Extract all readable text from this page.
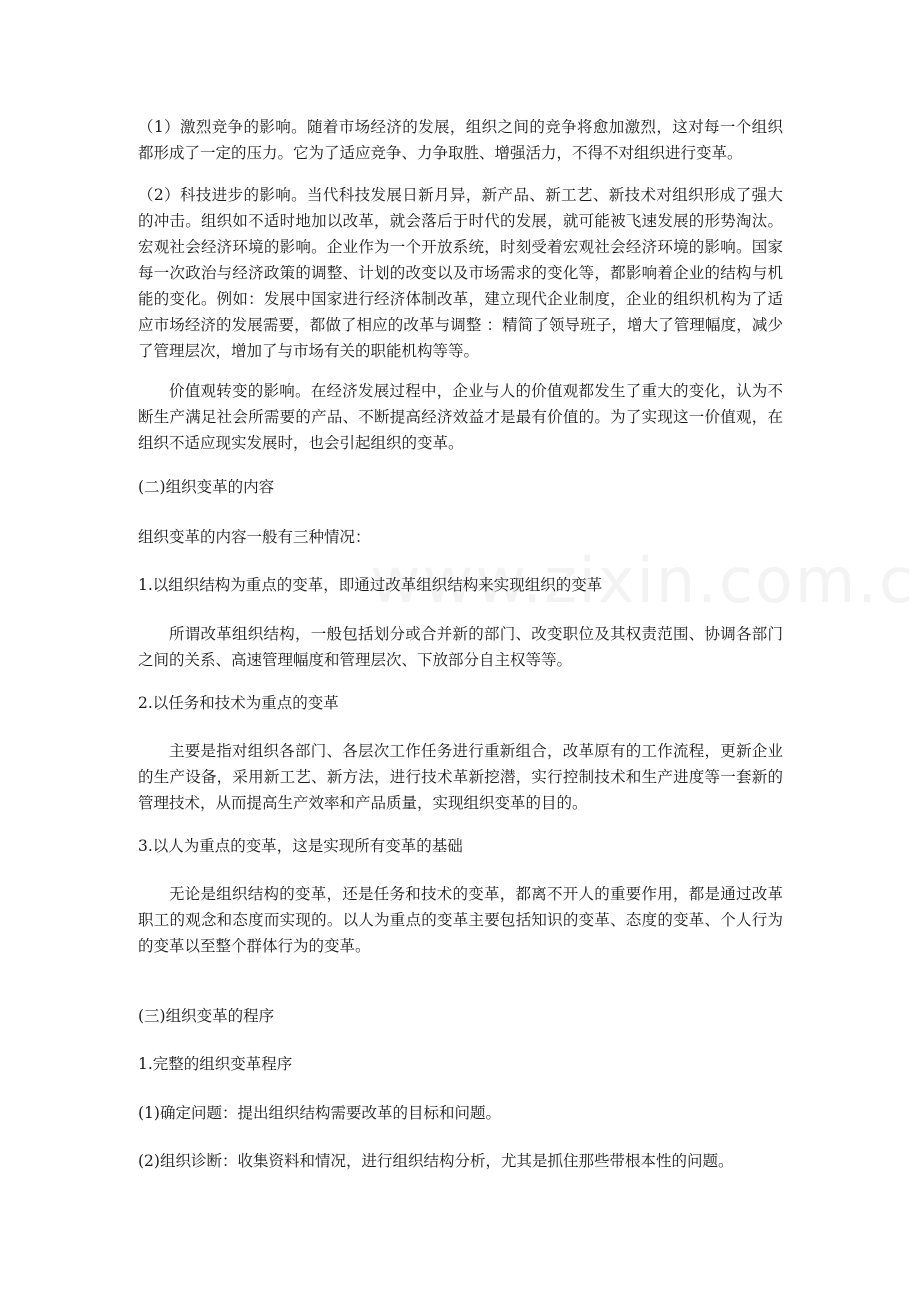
（1）激烈竞争的影响。随着市场经济的发展，组织之间的竞争将愈加激烈，这对每一个组织都形成了一定的压力。它为了适应竞争、力争取胜、增强活力，不得不对组织进行变革。

（2）科技进步的影响。当代科技发展日新月异，新产品、新工艺、新技术对组织形成了强大的冲击。组织如不适时地加以改革，就会落后于时代的发展，就可能被飞速发展的形势淘汰。宏观社会经济环境的影响。企业作为一个开放系统，时刻受着宏观社会经济环境的影响。国家每一次政治与经济政策的调整、计划的改变以及市场需求的变化等，都影响着企业的结构与机能的变化。例如：发展中国家进行经济体制改革，建立现代企业制度，企业的组织机构为了适应市场经济的发展需要，都做了相应的改革与调整 ：精简了领导班子，增大了管理幅度，减少了管理层次，增加了与市场有关的职能机构等等。

价值观转变的影响。在经济发展过程中，企业与人的价值观都发生了重大的变化，认为不断生产满足社会所需要的产品、不断提高经济效益才是最有价值的。为了实现这一价值观，在组织不适应现实发展时，也会引起组织的变革。

(二)组织变革的内容

组织变革的内容一般有三种情况：

1.以组织结构为重点的变革，即通过改革组织结构来实现组织的变革

所谓改革组织结构，一般包括划分或合并新的部门、改变职位及其权责范围、协调各部门之间的关系、高速管理幅度和管理层次、下放部分自主权等等。

2.以任务和技术为重点的变革

主要是指对组织各部门、各层次工作任务进行重新组合，改革原有的工作流程，更新企业的生产设备，采用新工艺、新方法，进行技术革新挖潜，实行控制技术和生产进度等一套新的管理技术，从而提高生产效率和产品质量，实现组织变革的目的。

3.以人为重点的变革，这是实现所有变革的基础

无论是组织结构的变革，还是任务和技术的变革，都离不开人的重要作用，都是通过改革职工的观念和态度而实现的。以人为重点的变革主要包括知识的变革、态度的变革、个人行为的变革以至整个群体行为的变革。

(三)组织变革的程序

1.完整的组织变革程序

(1)确定问题：提出组织结构需要改革的目标和问题。

(2)组织诊断：收集资料和情况，进行组织结构分析，尤其是抓住那些带根本性的问题。
